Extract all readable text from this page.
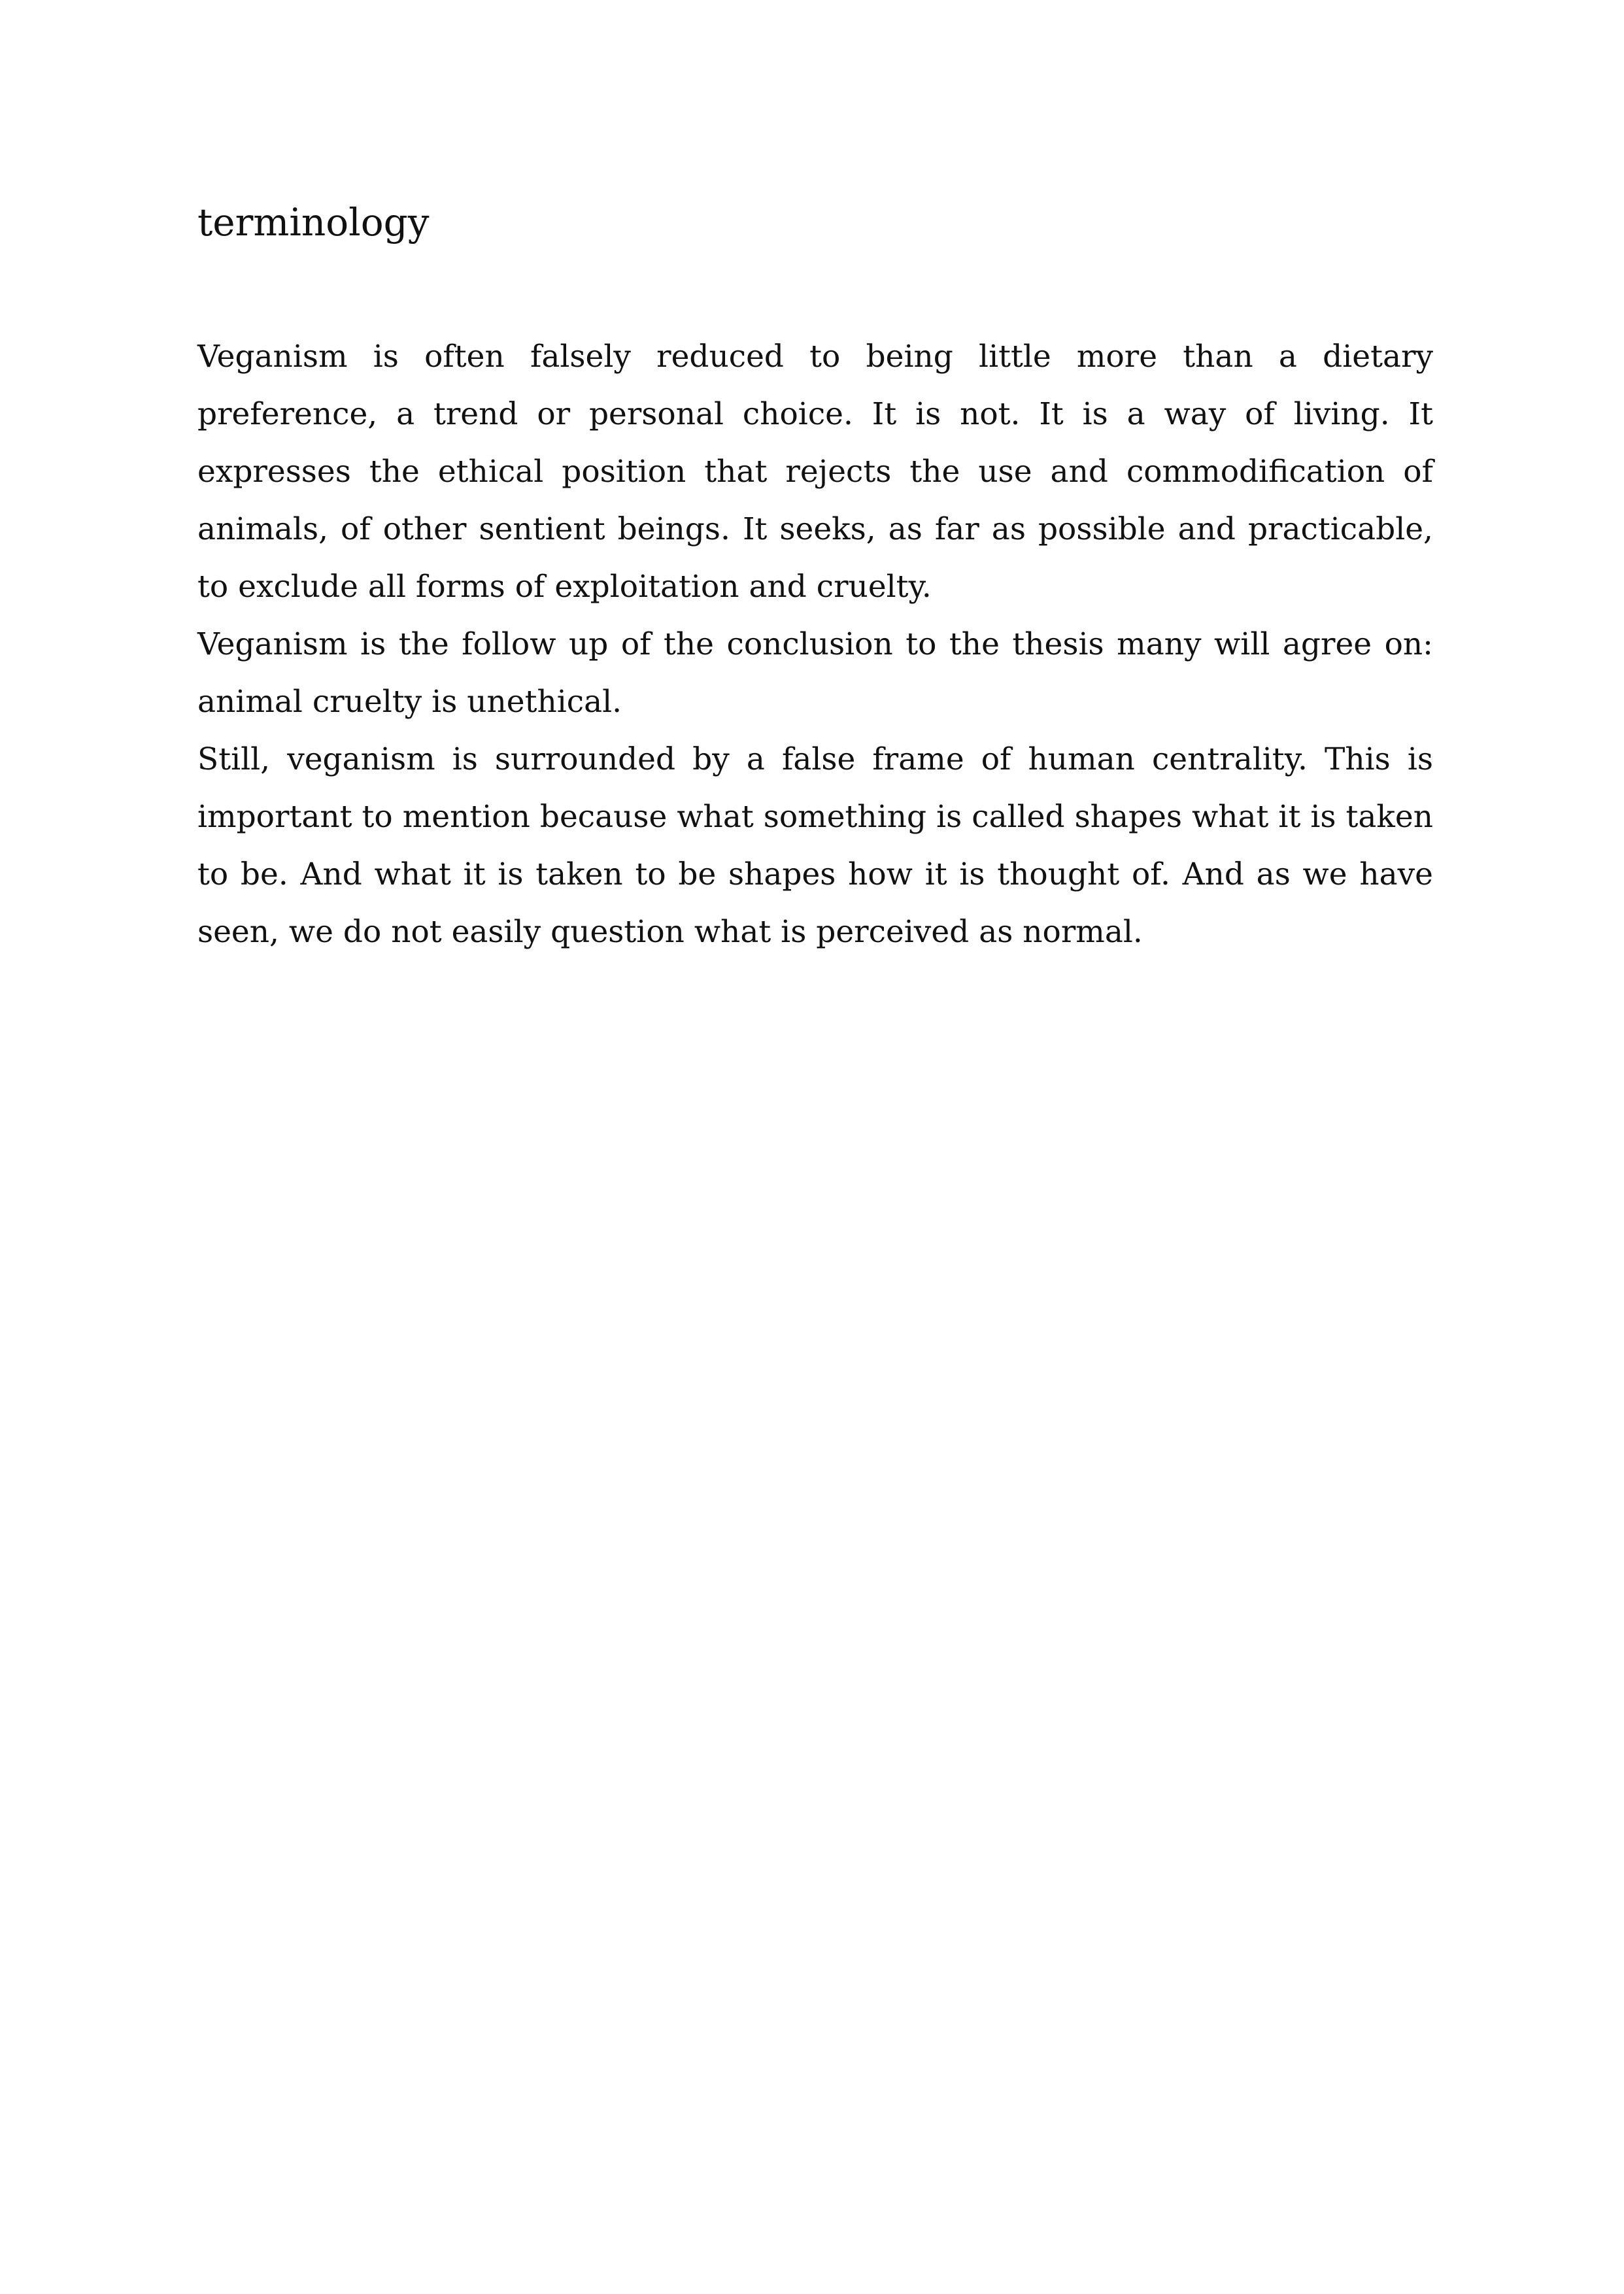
terminology

Veganism is often falsely reduced to being little more than a dietary preference, a trend or personal choice. It is not. It is a way of living. It expresses the ethical position that rejects the use and commodification of animals, of other sentient beings. It seeks, as far as possible and practicable, to exclude all forms of exploitation and cruelty.

Veganism is the follow up of the conclusion to the thesis many will agree on: animal cruelty is unethical.

Still, veganism is surrounded by a false frame of human centrality. This is important to mention because what something is called shapes what it is taken to be. And what it is taken to be shapes how it is thought of. And as we have seen, we do not easily question what is perceived as normal.
